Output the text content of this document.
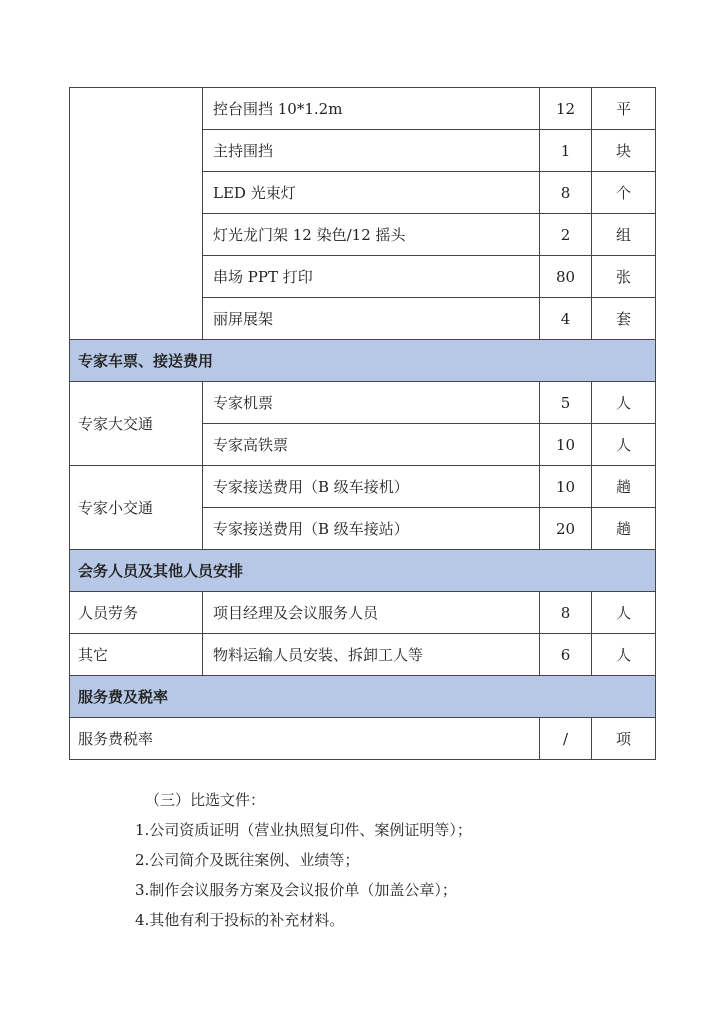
	控台围挡 10*1.2m	12	平
	主持围挡	1	块
	LED 光束灯	8	个
	灯光龙门架 12 染色/12 摇头	2	组
	串场 PPT 打印	80	张
	丽屏展架	4	套
专家车票、接送费用			
专家大交通	专家机票	5	人
	专家高铁票	10	人
专家小交通	专家接送费用（B 级车接机）	10	趟
	专家接送费用（B 级车接站）	20	趟
会务人员及其他人员安排			
人员劳务	项目经理及会议服务人员	8	人
其它	物料运输人员安装、拆卸工人等	6	人
服务费及税率			
服务费税率		/	项

（三）比选文件：

1.公司资质证明（营业执照复印件、案例证明等）；

2.公司简介及既往案例、业绩等；

3.制作会议服务方案及会议报价单（加盖公章）；

4.其他有利于投标的补充材料。
